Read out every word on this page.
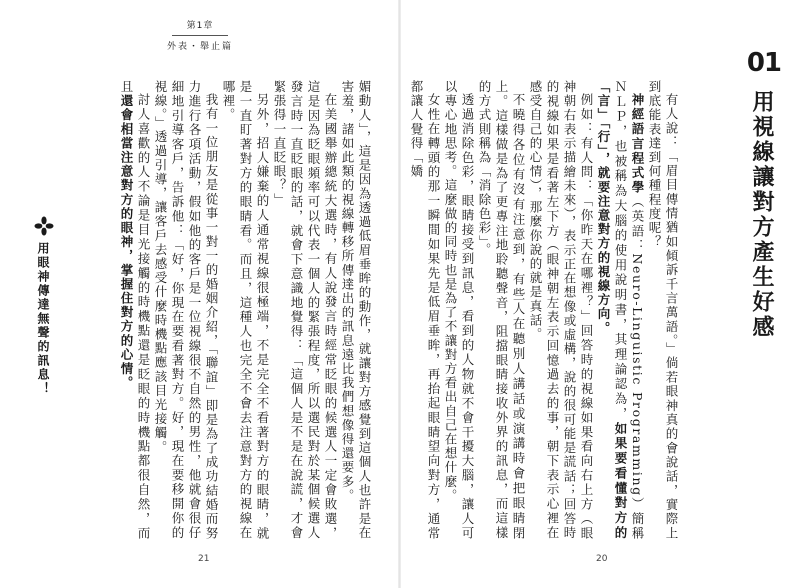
第1章
外表・舉止篇
01
用視線讓對方產生好感

有人說：「眉目傳情猶如傾訴千言萬語。」倘若眼神真的會說話，實際上到底能表達到何種程度呢？

神經語言程式學（英語：Neuro-Linguistic Programming）簡稱ＮＬＰ，也被稱為大腦的使用說明書，其理論認為，如果要看懂對方的「言」「行」，就要注意對方的視線方向。

例如：有人問：「你昨天在哪裡？」回答時的視線如果看向右上方（眼神朝右表示描繪未來），表示正在想像或虛構，說的很可能是謊話；回答時的視線如果是看著左下方（眼神朝左表示回憶過去的事，朝下表示心裡在感受自己的心情），那麼你說的就是真話。

不曉得各位有沒有注意到，有些人在聽別人講話或演講時會把眼睛閉上。這樣做是為了更專注地聆聽聲音，阻擋眼睛接收外界的訊息，而這樣的方式則稱為「消除色彩」。

透過消除色彩，眼睛接受到訊息，看到的人物就不會干擾大腦，讓人可以專心地思考。這麼做的同時也是為了不讓對方看出自己在想什麼。

女性在轉頭的那一瞬間如果先是低眉垂眸，再抬起眼睛望向對方，通常都讓人覺得「嬌

媚動人」，這是因為透過低眉垂眸的動作，就讓對方感覺到這個人也許是在害羞，諸如此類的視線轉移所傳達出的訊息遠比我們想像得還要多。

在美國舉辦總統大選時，有人說發言時經常眨眼的候選人一定會敗選，這是因為眨眼頻率可以代表一個人的緊張程度，所以選民對於某個候選人發言時一直眨眼的話，就會下意識地覺得：「這個人是不是在說謊，才會緊張得一直眨眼？」

另外，招人嫌棄的人通常視線很極端，不是完全不看著對方的眼睛，就是一直盯著對方的眼睛看。而且，這種人也完全不會去注意對方的視線在哪裡。

我有一位朋友是從事一對一的婚姻介紹，「聯誼」即是為了成功結婚而努力進行各項活動，假如他的客戶是一位視線很不自然的男性，他就會很仔細地引導客戶，告訴他：「好，你現在要看著對方。好，現在要移開你的視線。」透過引導，讓客戶去感受什麼時機點應該目光接觸。

討人喜歡的人不論是目光接觸的時機點還是眨眼的時機點都很自然，而且還會相當注意對方的眼神，掌握住對方的心情。

用眼神傳達無聲的訊息！
21	20
